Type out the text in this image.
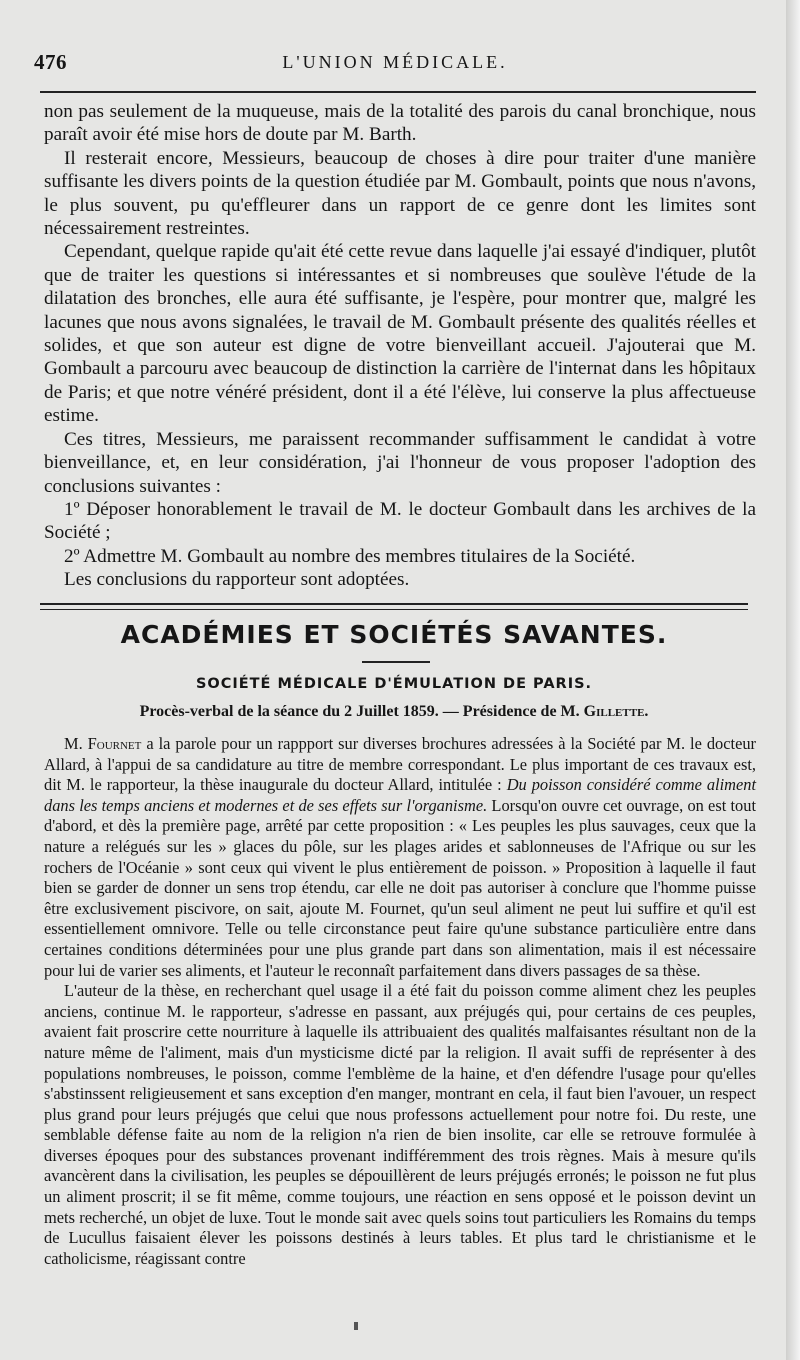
476	L'UNION MÉDICALE.

non pas seulement de la muqueuse, mais de la totalité des parois du canal bronchique, nous paraît avoir été mise hors de doute par M. Barth.

Il resterait encore, Messieurs, beaucoup de choses à dire pour traiter d'une manière suffisante les divers points de la question étudiée par M. Gombault, points que nous n'avons, le plus souvent, pu qu'effleurer dans un rapport de ce genre dont les limites sont nécessairement restreintes.

Cependant, quelque rapide qu'ait été cette revue dans laquelle j'ai essayé d'indiquer, plutôt que de traiter les questions si intéressantes et si nombreuses que soulève l'étude de la dilatation des bronches, elle aura été suffisante, je l'espère, pour montrer que, malgré les lacunes que nous avons signalées, le travail de M. Gombault présente des qualités réelles et solides, et que son auteur est digne de votre bienveillant accueil. J'ajouterai que M. Gombault a parcouru avec beaucoup de distinction la carrière de l'internat dans les hôpitaux de Paris; et que notre vénéré président, dont il a été l'élève, lui conserve la plus affectueuse estime.

Ces titres, Messieurs, me paraissent recommander suffisamment le candidat à votre bienveillance, et, en leur considération, j'ai l'honneur de vous proposer l'adoption des conclusions suivantes :

1º Déposer honorablement le travail de M. le docteur Gombault dans les archives de la Société ;

2º Admettre M. Gombault au nombre des membres titulaires de la Société.

Les conclusions du rapporteur sont adoptées.

ACADÉMIES ET SOCIÉTÉS SAVANTES.
SOCIÉTÉ MÉDICALE D'ÉMULATION DE PARIS.
Procès-verbal de la séance du 2 Juillet 1859. — Présidence de M. Gillette.

M. Fournet a la parole pour un rappport sur diverses brochures adressées à la Société par M. le docteur Allard, à l'appui de sa candidature au titre de membre correspondant. Le plus important de ces travaux est, dit M. le rapporteur, la thèse inaugurale du docteur Allard, intitulée : Du poisson considéré comme aliment dans les temps anciens et modernes et de ses effets sur l'organisme. Lorsqu'on ouvre cet ouvrage, on est tout d'abord, et dès la première page, arrêté par cette proposition : « Les peuples les plus sauvages, ceux que la nature a relégués sur les » glaces du pôle, sur les plages arides et sablonneuses de l'Afrique ou sur les rochers de l'Océanie » sont ceux qui vivent le plus entièrement de poisson. » Proposition à laquelle il faut bien se garder de donner un sens trop étendu, car elle ne doit pas autoriser à conclure que l'homme puisse être exclusivement piscivore, on sait, ajoute M. Fournet, qu'un seul aliment ne peut lui suffire et qu'il est essentiellement omnivore. Telle ou telle circonstance peut faire qu'une substance particulière entre dans certaines conditions déterminées pour une plus grande part dans son alimentation, mais il est nécessaire pour lui de varier ses aliments, et l'auteur le reconnaît parfaitement dans divers passages de sa thèse.

L'auteur de la thèse, en recherchant quel usage il a été fait du poisson comme aliment chez les peuples anciens, continue M. le rapporteur, s'adresse en passant, aux préjugés qui, pour certains de ces peuples, avaient fait proscrire cette nourriture à laquelle ils attribuaient des qualités malfaisantes résultant non de la nature même de l'aliment, mais d'un mysticisme dicté par la religion. Il avait suffi de représenter à des populations nombreuses, le poisson, comme l'emblème de la haine, et d'en défendre l'usage pour qu'elles s'abstinssent religieusement et sans exception d'en manger, montrant en cela, il faut bien l'avouer, un respect plus grand pour leurs préjugés que celui que nous professons actuellement pour notre foi. Du reste, une semblable défense faite au nom de la religion n'a rien de bien insolite, car elle se retrouve formulée à diverses époques pour des substances provenant indifféremment des trois règnes. Mais à mesure qu'ils avancèrent dans la civilisation, les peuples se dépouillèrent de leurs préjugés erronés; le poisson ne fut plus un aliment proscrit; il se fit même, comme toujours, une réaction en sens opposé et le poisson devint un mets recherché, un objet de luxe. Tout le monde sait avec quels soins tout particuliers les Romains du temps de Lucullus faisaient élever les poissons destinés à leurs tables. Et plus tard le christianisme et le catholicisme, réagissant contre
